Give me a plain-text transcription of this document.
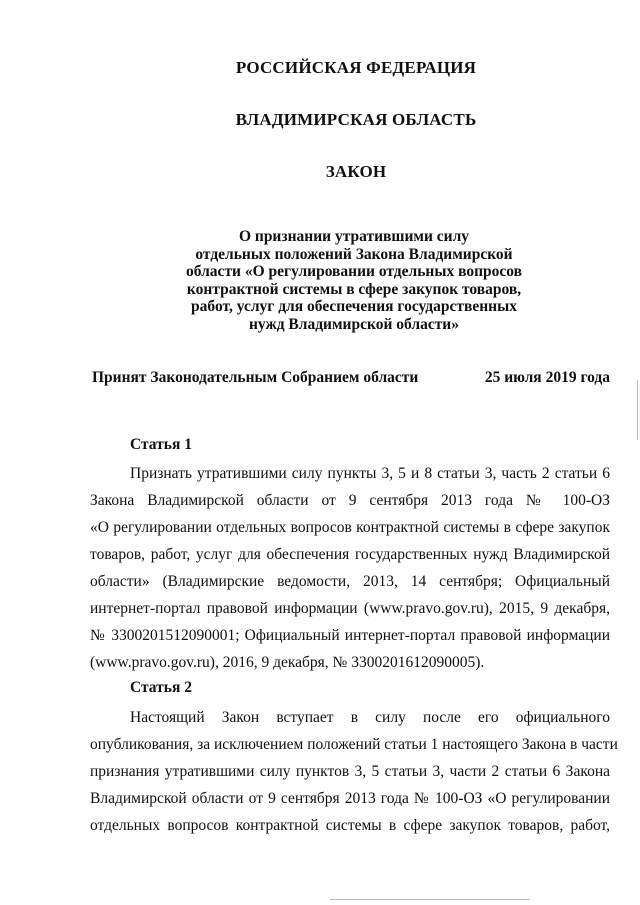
РОССИЙСКАЯ ФЕДЕРАЦИЯ
ВЛАДИМИРСКАЯ ОБЛАСТЬ
ЗАКОН
О признании утратившими силу
отдельных положений Закона Владимирской
области «О регулировании отдельных вопросов
контрактной системы в сфере закупок товаров,
работ, услуг для обеспечения государственных
нужд Владимирской области»
Принят Законодательным Собранием области	25 июля 2019 года
Статья 1
Признать утратившими силу пункты 3, 5 и 8 статьи 3, часть 2 статьи 6
Закона Владимирской области от 9 сентября 2013 года № 100-ОЗ
«О регулировании отдельных вопросов контрактной системы в сфере закупок
товаров, работ, услуг для обеспечения государственных нужд Владимирской
области» (Владимирские ведомости, 2013, 14 сентября; Официальный
интернет-портал правовой информации (www.pravo.gov.ru), 2015, 9 декабря,
№ 3300201512090001; Официальный интернет-портал правовой информации
(www.pravo.gov.ru), 2016, 9 декабря, № 3300201612090005).
Статья 2
Настоящий Закон вступает в силу после его официального
опубликования, за исключением положений статьи 1 настоящего Закона в части
признания утратившими силу пунктов 3, 5 статьи 3, части 2 статьи 6 Закона
Владимирской области от 9 сентября 2013 года № 100-ОЗ «О регулировании
отдельных вопросов контрактной системы в сфере закупок товаров, работ,
